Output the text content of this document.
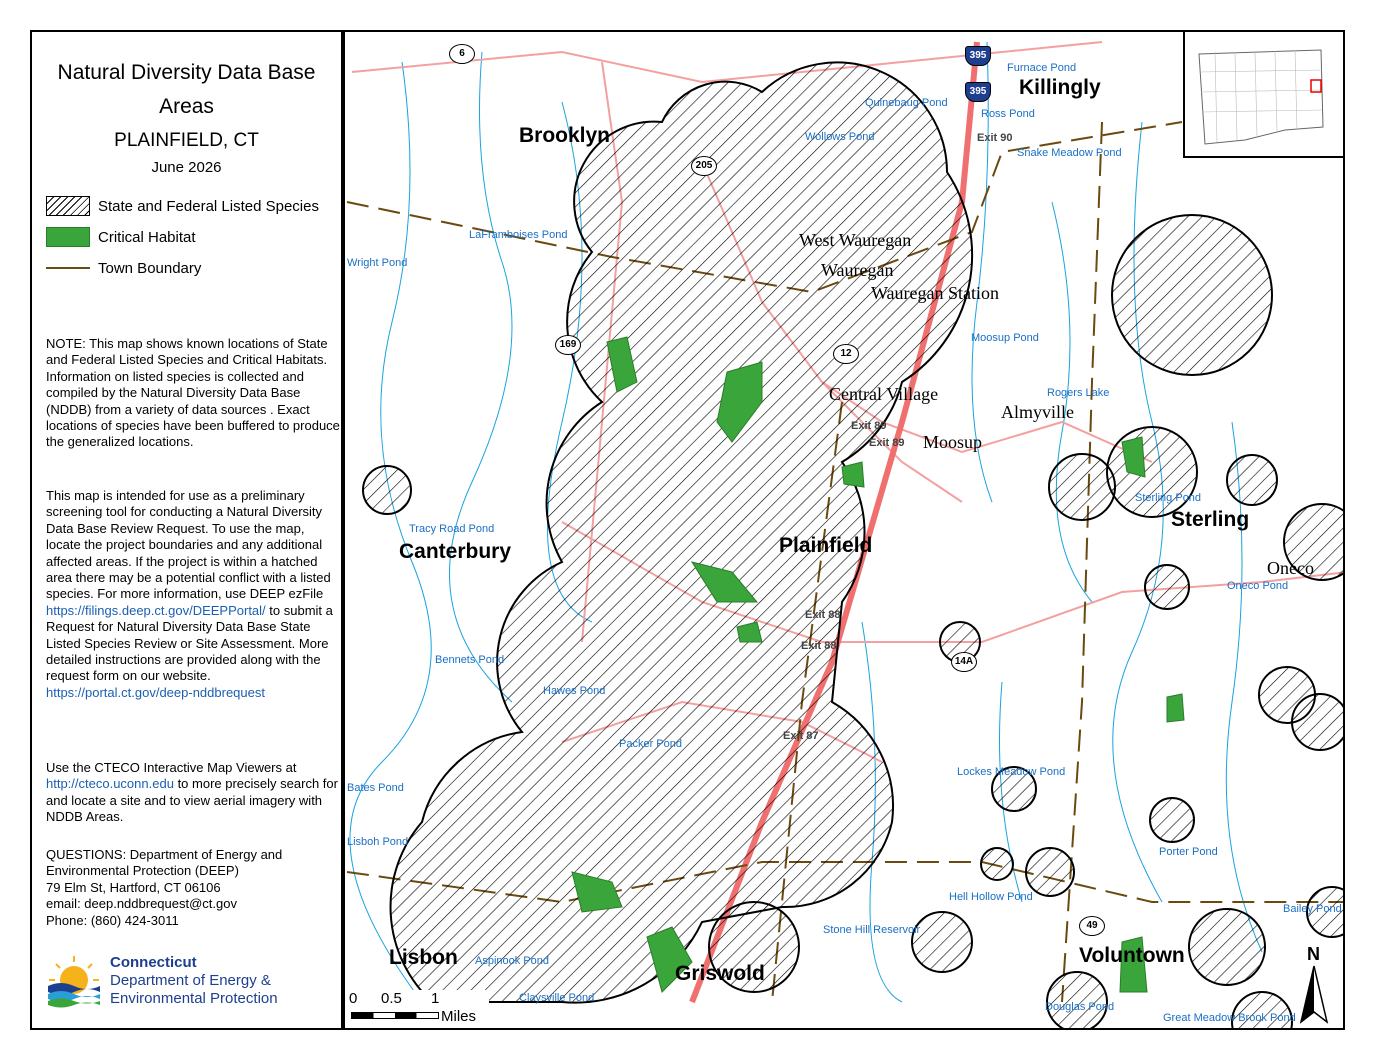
Natural Diversity Data Base
Areas
PLAINFIELD, CT
June 2026
State and Federal Listed Species
Critical Habitat
Town Boundary
NOTE: This map shows known locations of State and Federal Listed Species and Critical Habitats. Information on listed species is collected and compiled by the Natural Diversity Data Base (NDDB) from a variety of data sources . Exact locations of species have been buffered to produce the generalized locations.
This map is intended for use as a preliminary screening tool for conducting a Natural Diversity Data Base Review Request. To use the map, locate the project boundaries and any additional affected areas. If the project is within a hatched area there may be a potential conflict with a listed species. For more information, use DEEP ezFile https://filings.deep.ct.gov/DEEPPortal/ to submit a Request for Natural Diversity Data Base State Listed Species Review or Site Assessment. More detailed instructions are provided along with the request form on our website. https://portal.ct.gov/deep-nddbrequest
Use the CTECO Interactive Map Viewers at http://cteco.uconn.edu to more precisely search for and locate a site and to view aerial imagery with NDDB Areas.
QUESTIONS: Department of Energy and Environmental Protection (DEEP)
79 Elm St, Hartford, CT 06106
email: deep.nddbrequest@ct.gov
Phone: (860) 424-3011
Connecticut
Department of Energy &
Environmental Protection
Brooklyn
Killingly
Canterbury	Plainfield
Sterling
Lisbon
Griswold
Voluntown
West Wauregan
Wauregan
Wauregan Station
Central Village
Moosup
Almyville
Oneco
Furnace Pond
Quinebaug Pond
Ross Pond
Wollows Pond
Snake Meadow Pond
LaFramboises Pond
Wright Pond
Moosup Pond
Rogers Lake
Sterling Pond
Tracy Road Pond
Oneco Pond
Bennets Pond
Hawes Pond
Packer Pond
Bates Pond
Lockes Meadow Pond
Lisboh Pond
Porter Pond
Hell Hollow Pond
Stone Hill Reservoir
Aspinook Pond
Claysville Pond
Douglas Pond
Great Meadow Brook Pond
Bailey Pond
Exit 90
Exit 89
Exit 89
Exit 88
Exit 88
Exit 87
6
205
169
12
14A
49
395
395
N
0 0.5 1
Miles
